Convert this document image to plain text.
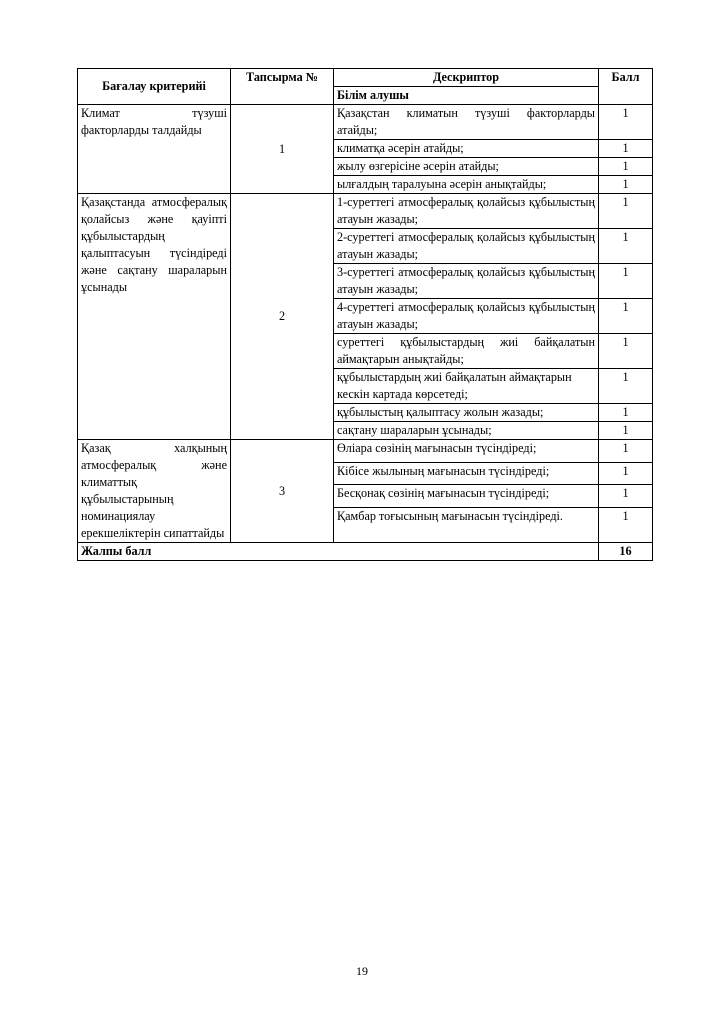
Бағалау критерийі	Тапсырма №	Дескриптор	Балл
		Білім алушы	
Климат түзуші факторларды талдайды	1	Қазақстан климатын түзуші факторларды атайды;	1
		климатқа әсерін атайды;	1
		жылу өзгерісіне әсерін атайды;	1
		ылғалдың таралуына әсерін анықтайды;	1
Қазақстанда атмосфералық қолайсыз және қауіпті құбылыстардың қалыптасуын түсіндіреді және сақтану шараларын ұсынады	2	1-суреттегі атмосфералық қолайсыз құбылыстың атауын жазады;	1
		2-суреттегі атмосфералық қолайсыз құбылыстың атауын жазады;	1
		3-суреттегі атмосфералық қолайсыз құбылыстың атауын жазады;	1
		4-суреттегі атмосфералық қолайсыз құбылыстың атауын жазады;	1
		суреттегі құбылыстардың жиі байқалатын аймақтарын анықтайды;	1
		құбылыстардың жиі байқалатын аймақтарын кескін картада көрсетеді;	1
		құбылыстың қалыптасу жолын жазады;	1
		сақтану шараларын ұсынады;	1
Қазақ халқының атмосфералық және климаттық құбылыстарының номинациялау ерекшеліктерін сипаттайды	3	Өліара сөзінің мағынасын түсіндіреді;	1
		Кібісе жылының мағынасын түсіндіреді;	1
		Бесқонақ сөзінің мағынасын түсіндіреді;	1
		Қамбар тоғысының мағынасын түсіндіреді.	1
Жалпы балл			16
19
